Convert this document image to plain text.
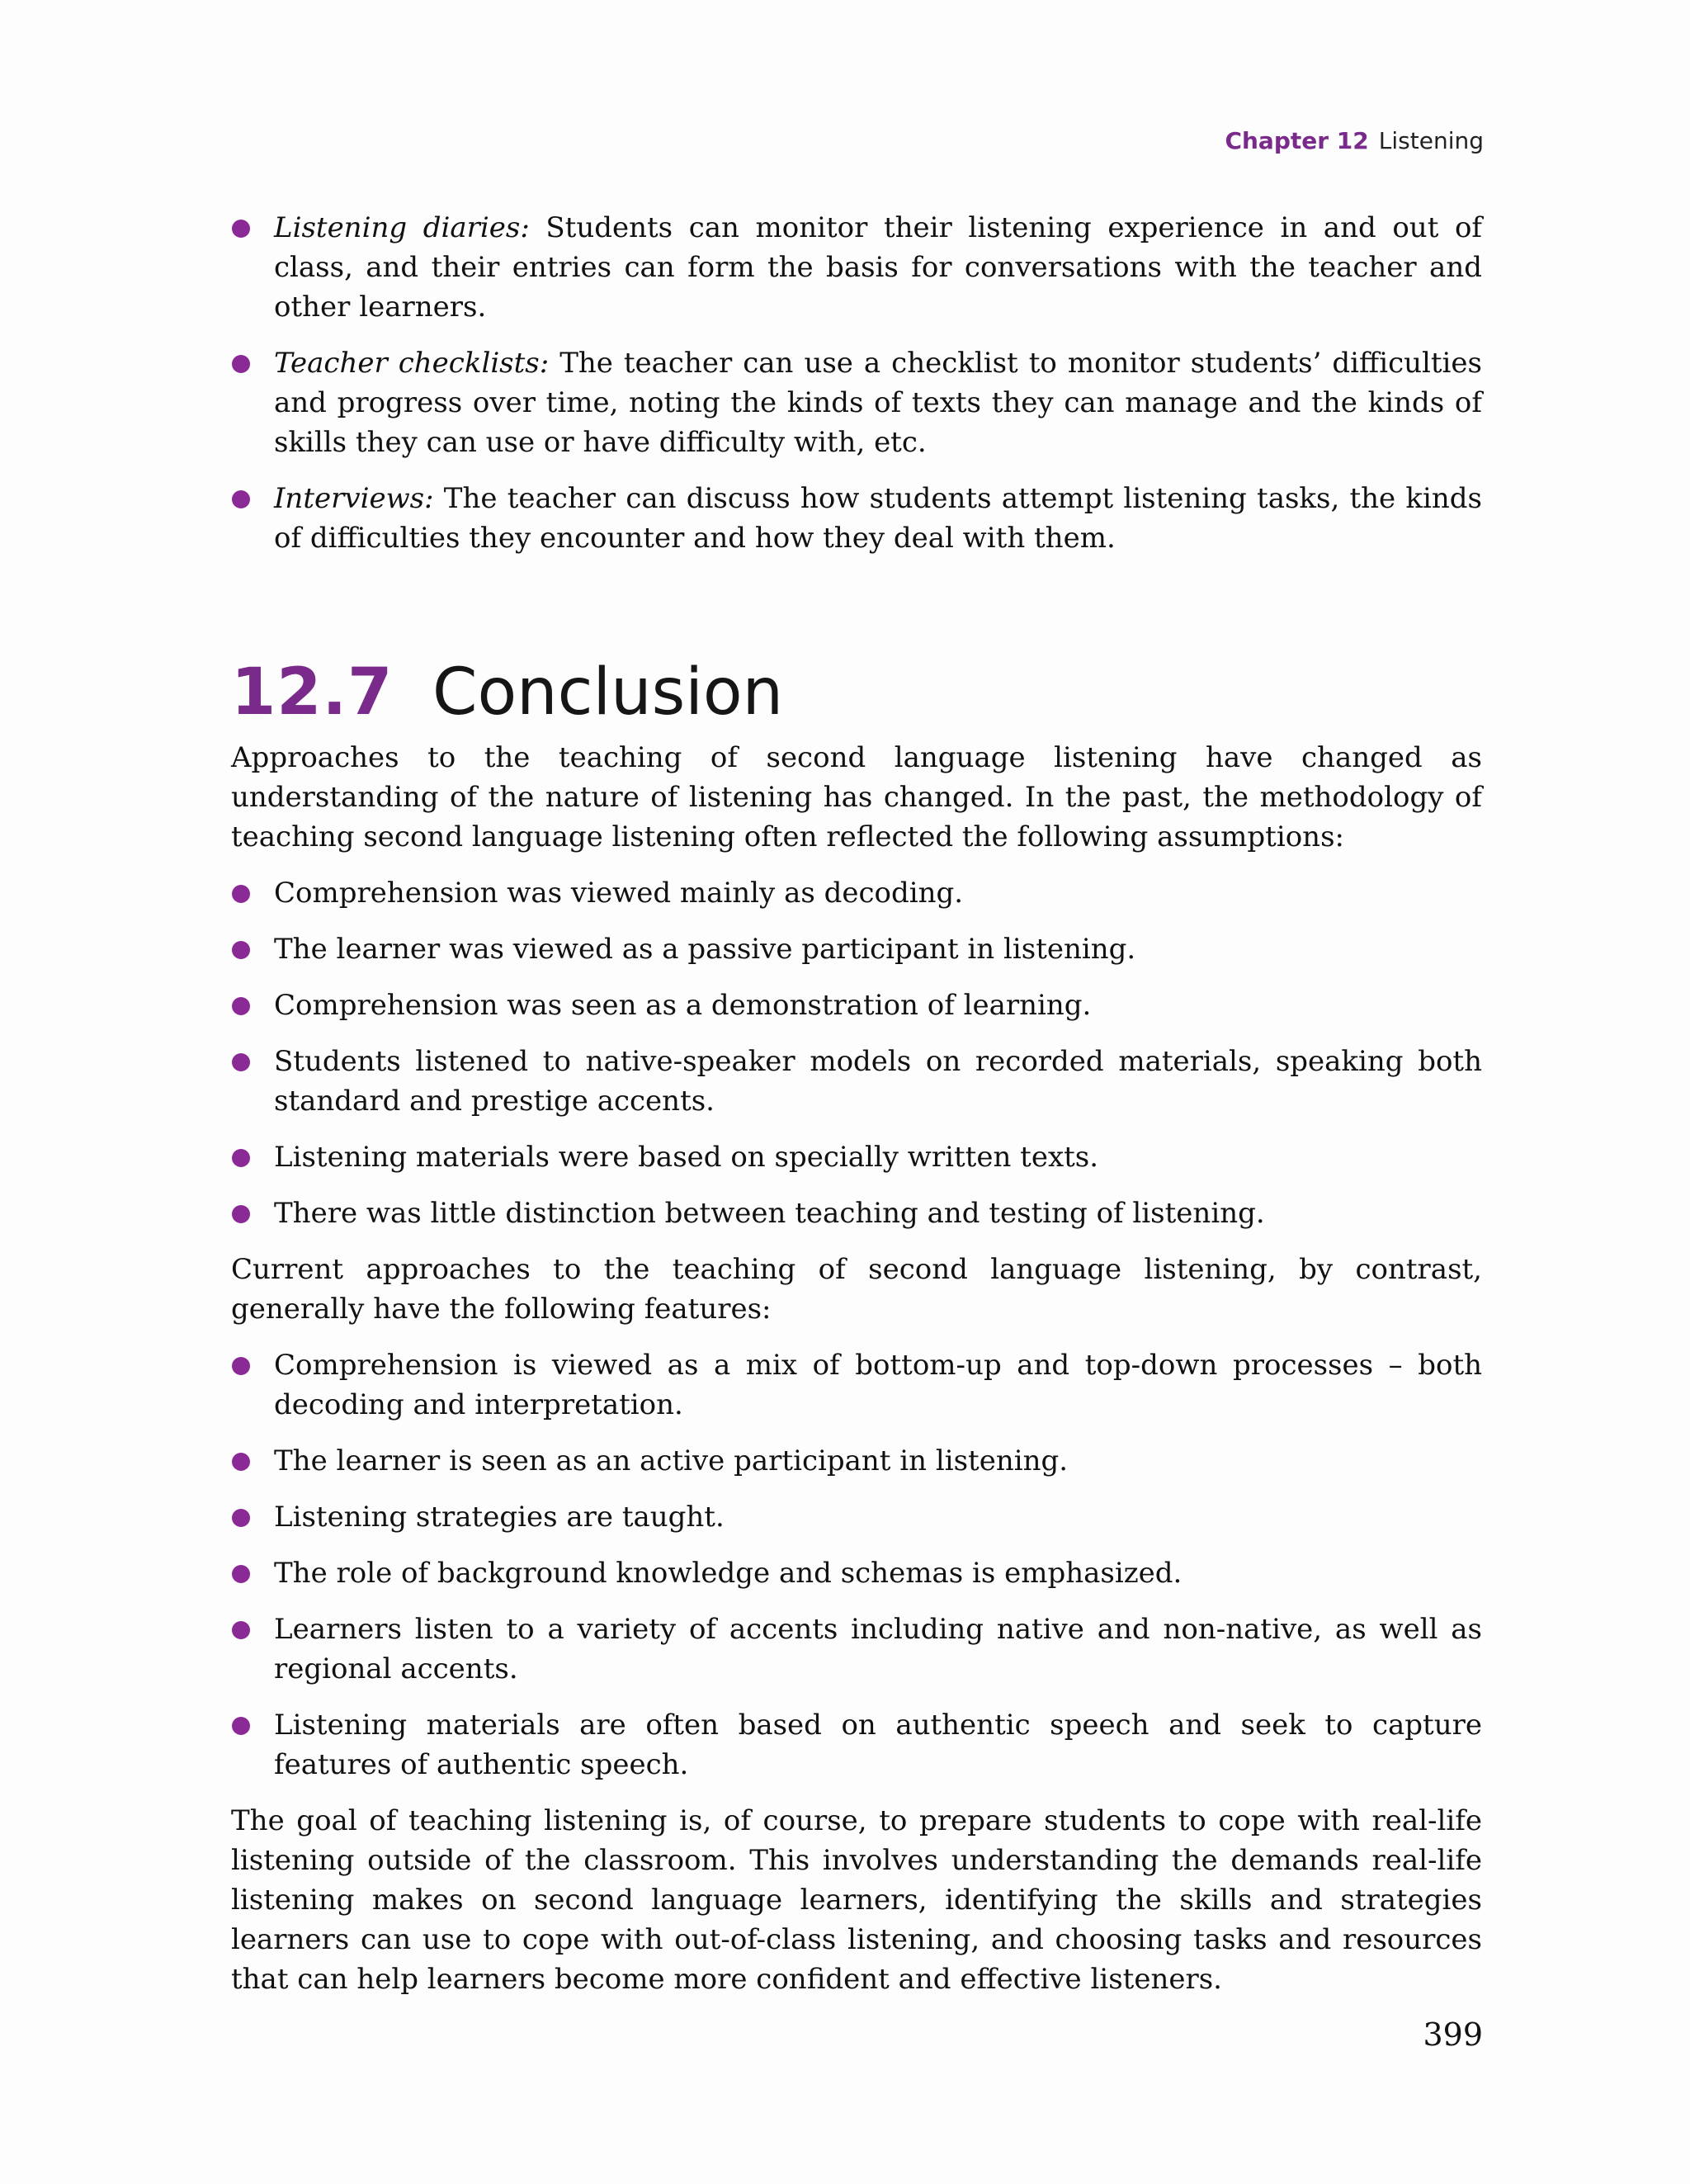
Chapter 12 Listening
Listening diaries: Students can monitor their listening experience in and out of class, and their entries can form the basis for conversations with the teacher and other learners.
Teacher checklists: The teacher can use a checklist to monitor students’ difficulties and progress over time, noting the kinds of texts they can manage and the kinds of skills they can use or have difficulty with, etc.
Interviews: The teacher can discuss how students attempt listening tasks, the kinds of difficulties they encounter and how they deal with them.
12.7 Conclusion

Approaches to the teaching of second language listening have changed as understanding of the nature of listening has changed. In the past, the methodology of teaching second language listening often reflected the following assumptions:

Comprehension was viewed mainly as decoding.
The learner was viewed as a passive participant in listening.
Comprehension was seen as a demonstration of learning.
Students listened to native-speaker models on recorded materials, speaking both standard and prestige accents.
Listening materials were based on specially written texts.
There was little distinction between teaching and testing of listening.

Current approaches to the teaching of second language listening, by contrast, generally have the following features:

Comprehension is viewed as a mix of bottom-up and top-down processes – both decoding and interpretation.
The learner is seen as an active participant in listening.
Listening strategies are taught.
The role of background knowledge and schemas is emphasized.
Learners listen to a variety of accents including native and non-native, as well as regional accents.
Listening materials are often based on authentic speech and seek to capture features of authentic speech.

The goal of teaching listening is, of course, to prepare students to cope with real-life listening outside of the classroom. This involves understanding the demands real-life listening makes on second language learners, identifying the skills and strategies learners can use to cope with out-of-class listening, and choosing tasks and resources that can help learners become more confident and effective listeners.

399
